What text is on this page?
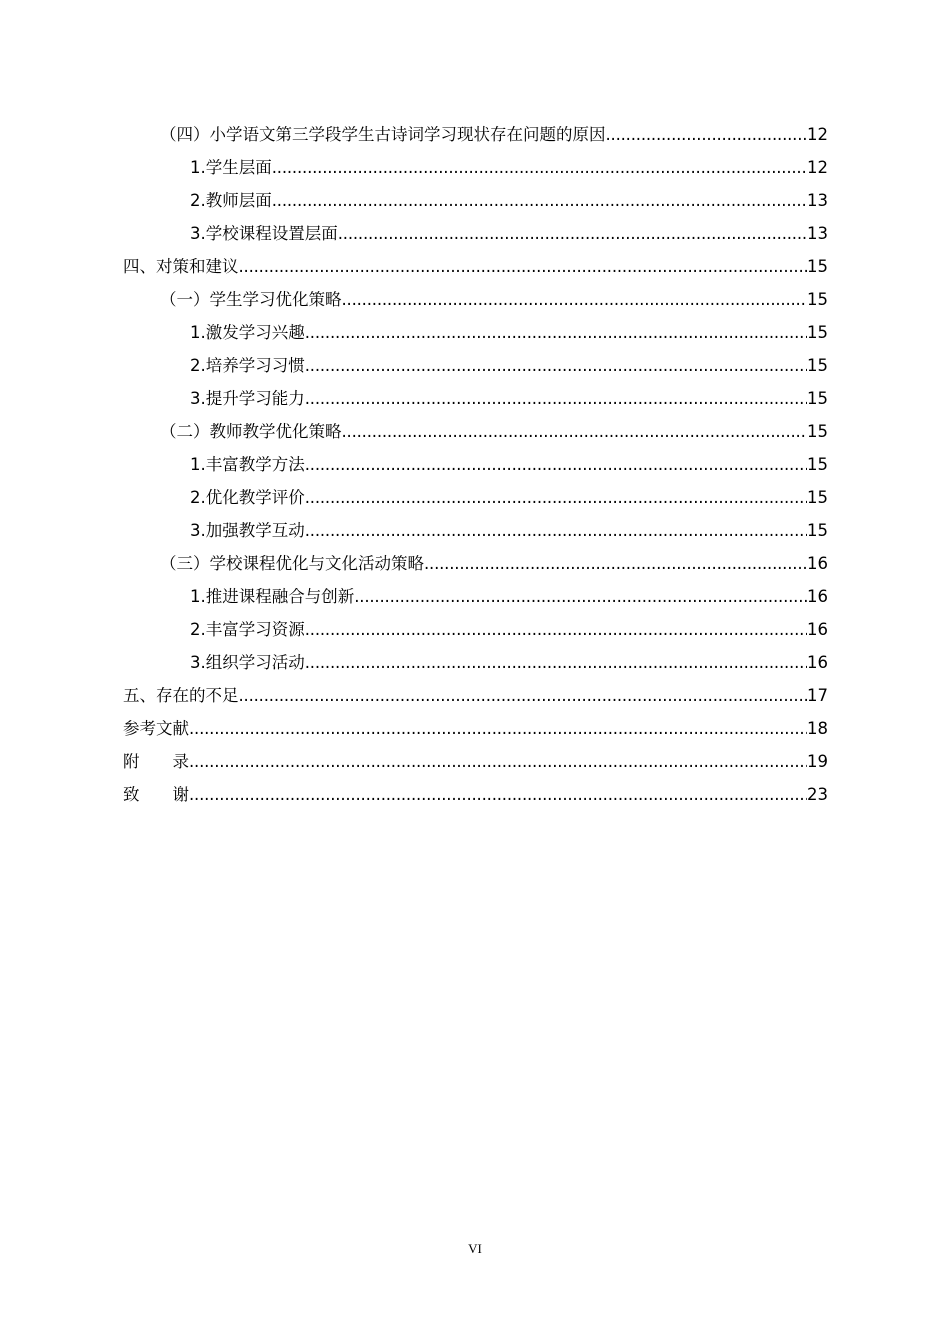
（四）小学语文第三学段学生古诗词学习现状存在问题的原因 .....	12
1.学生层面 .....	12
2.教师层面 .....	13
3.学校课程设置层面 .....	13
四、对策和建议 .....	15
（一）学生学习优化策略 .....	15
1.激发学习兴趣 .....	15
2.培养学习习惯 .....	15
3.提升学习能力 .....	15
（二）教师教学优化策略 .....	15
1.丰富教学方法 .....	15
2.优化教学评价 .....	15
3.加强教学互动 .....	15
（三）学校课程优化与文化活动策略 .....	16
1.推进课程融合与创新 .....	16
2.丰富学习资源 .....	16
3.组织学习活动 .....	16
五、存在的不足 .....	17
参考文献 .....	18
附　　录 .....	19
致　　谢 .....	23
VI
